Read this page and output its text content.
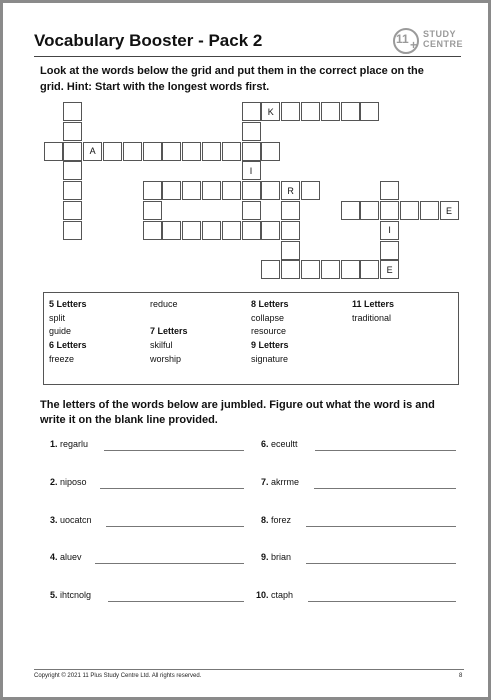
Vocabulary Booster - Pack 2	11 +
STUDY
CENTRE
Look at the words below the grid and put them in the correct place on the grid. Hint: Start with the longest words first.
K
A
I
R
E
I
E
5 Letters
split
guide
6 Letters
freeze
reduce

7 Letters
skilful
worship
8 Letters
collapse
resource
9 Letters
signature
11 Letters
traditional
The letters of the words below are jumbled. Figure out what the word is and write it on the blank line provided.
1. regarlu
2. niposo
3. uocatcn
4. aluev
5. ihtcnolg
6. eceultt
7. akrrme
8. forez
9. brian
10. ctaph
Copyright © 2021 11 Plus Study Centre Ltd. All rights reserved.	8
